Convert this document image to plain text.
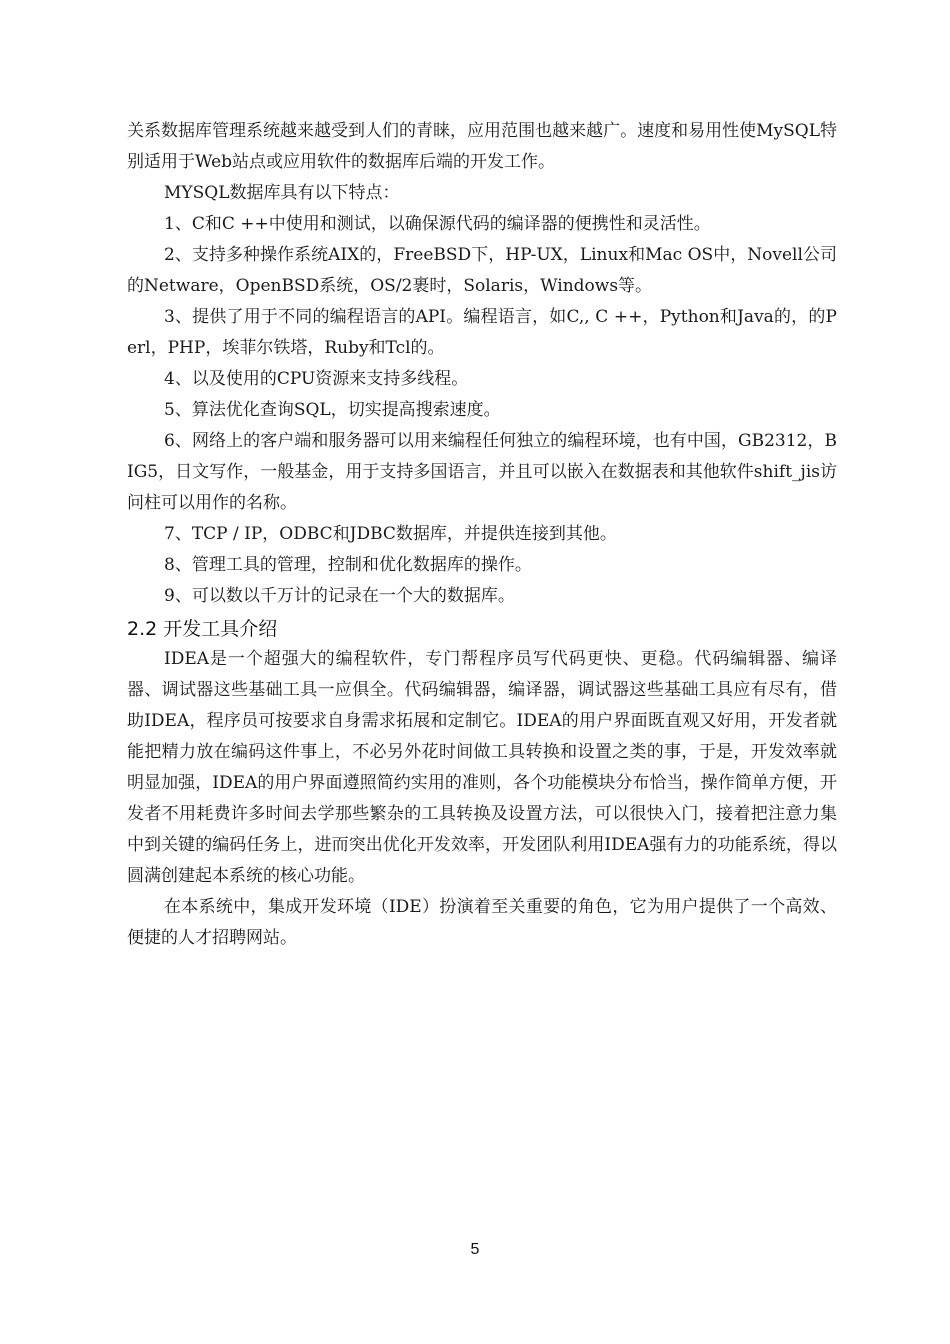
关系数据库管理系统越来越受到人们的青睐，应用范围也越来越广。速度和易用性使MySQL特别适用于Web站点或应用软件的数据库后端的开发工作。

MYSQL数据库具有以下特点：

1、C和C ++中使用和测试，以确保源代码的编译器的便携性和灵活性。

2、支持多种操作系统AIX的，FreeBSD下，HP-UX，Linux和Mac OS中，Novell公司的Netware，OpenBSD系统，OS/2裹时，Solaris，Windows等。

3、提供了用于不同的编程语言的API。编程语言，如C,, C ++，Python和Java的，的Perl，PHP，埃菲尔铁塔，Ruby和Tcl的。

4、以及使用的CPU资源来支持多线程。

5、算法优化查询SQL，切实提高搜索速度。

6、网络上的客户端和服务器可以用来编程任何独立的编程环境，也有中国，GB2312，BIG5，日文写作，一般基金，用于支持多国语言，并且可以嵌入在数据表和其他软件shift_jis访问柱可以用作的名称。

7、TCP / IP，ODBC和JDBC数据库，并提供连接到其他。

8、管理工具的管理，控制和优化数据库的操作。

9、可以数以千万计的记录在一个大的数据库。

2.2 开发工具介绍

IDEA是一个超强大的编程软件，专门帮程序员写代码更快、更稳。代码编辑器、编译器、调试器这些基础工具一应俱全。代码编辑器，编译器，调试器这些基础工具应有尽有，借助IDEA，程序员可按要求自身需求拓展和定制它。IDEA的用户界面既直观又好用，开发者就能把精力放在编码这件事上，不必另外花时间做工具转换和设置之类的事，于是，开发效率就明显加强，IDEA的用户界面遵照简约实用的准则，各个功能模块分布恰当，操作简单方便，开发者不用耗费许多时间去学那些繁杂的工具转换及设置方法，可以很快入门，接着把注意力集中到关键的编码任务上，进而突出优化开发效率，开发团队利用IDEA强有力的功能系统，得以圆满创建起本系统的核心功能。

在本系统中，集成开发环境（IDE）扮演着至关重要的角色，它为用户提供了一个高效、便捷的人才招聘网站。

5
